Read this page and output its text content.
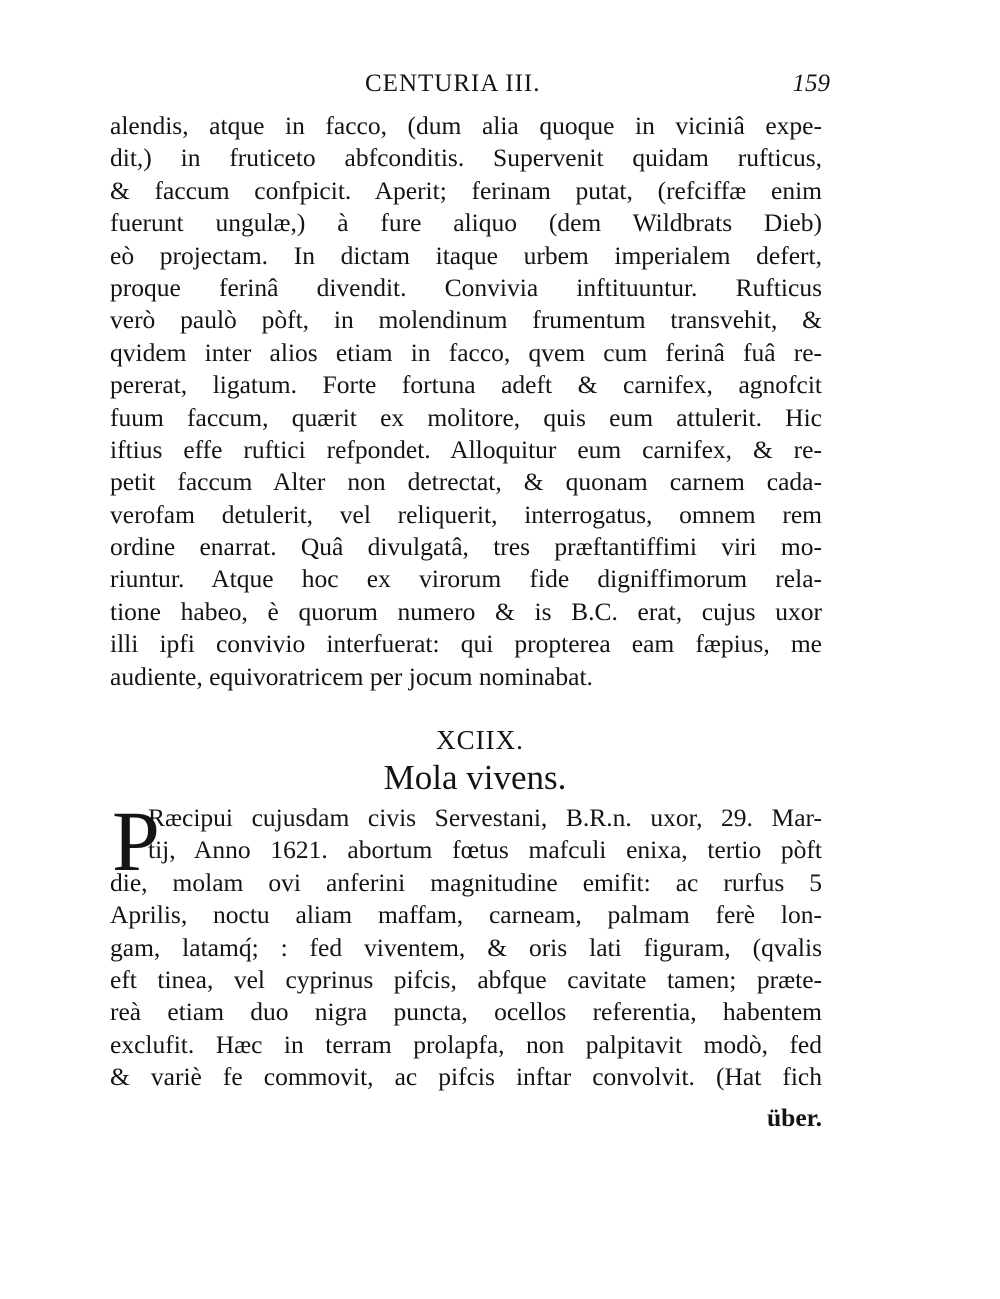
CENTURIA III.	159
alendis, atque in facco, (dum alia quoque in viciniâ expe-
dit,) in fruticeto abfconditis. Supervenit quidam rufticus,
& faccum confpicit. Aperit; ferinam putat, (refciffæ enim
fuerunt ungulæ,) à fure aliquo (dem Wildbrats Dieb)
eò projectam. In dictam itaque urbem imperialem defert,
proque ferinâ divendit. Convivia inftituuntur. Rufticus
verò paulò pòft, in molendinum frumentum transvehit, &
qvidem inter alios etiam in facco, qvem cum ferinâ fuâ re-
pererat, ligatum. Forte fortuna adeft & carnifex, agnofcit
fuum faccum, quærit ex molitore, quis eum attulerit. Hic
iftius effe ruftici refpondet. Alloquitur eum carnifex, & re-
petit faccum Alter non detrectat, & quonam carnem cada-
verofam detulerit, vel reliquerit, interrogatus, omnem rem
ordine enarrat. Quâ divulgatâ, tres præftantiffimi viri mo-
riuntur. Atque hoc ex virorum fide digniffimorum rela-
tione habeo, è quorum numero & is B.C. erat, cujus uxor
illi ipfi convivio interfuerat: qui propterea eam fæpius, me
audiente, equivoratricem per jocum nominabat.
XCIIX.
Mola vivens.
P
Ræcipui cujusdam civis Servestani, B.R.n. uxor, 29. Mar-
tij, Anno 1621. abortum fœtus mafculi enixa, tertio pòft
die, molam ovi anferini magnitudine emifit: ac rurfus 5
Aprilis, noctu aliam maffam, carneam, palmam ferè lon-
gam, latamq́; : fed viventem, & oris lati figuram, (qvalis
eft tinea, vel cyprinus pifcis, abfque cavitate tamen; præte-
reà etiam duo nigra puncta, ocellos referentia, habentem
exclufit. Hæc in terram prolapfa, non palpitavit modò, fed
& variè fe commovit, ac pifcis inftar convolvit. (Hat fich
über.
